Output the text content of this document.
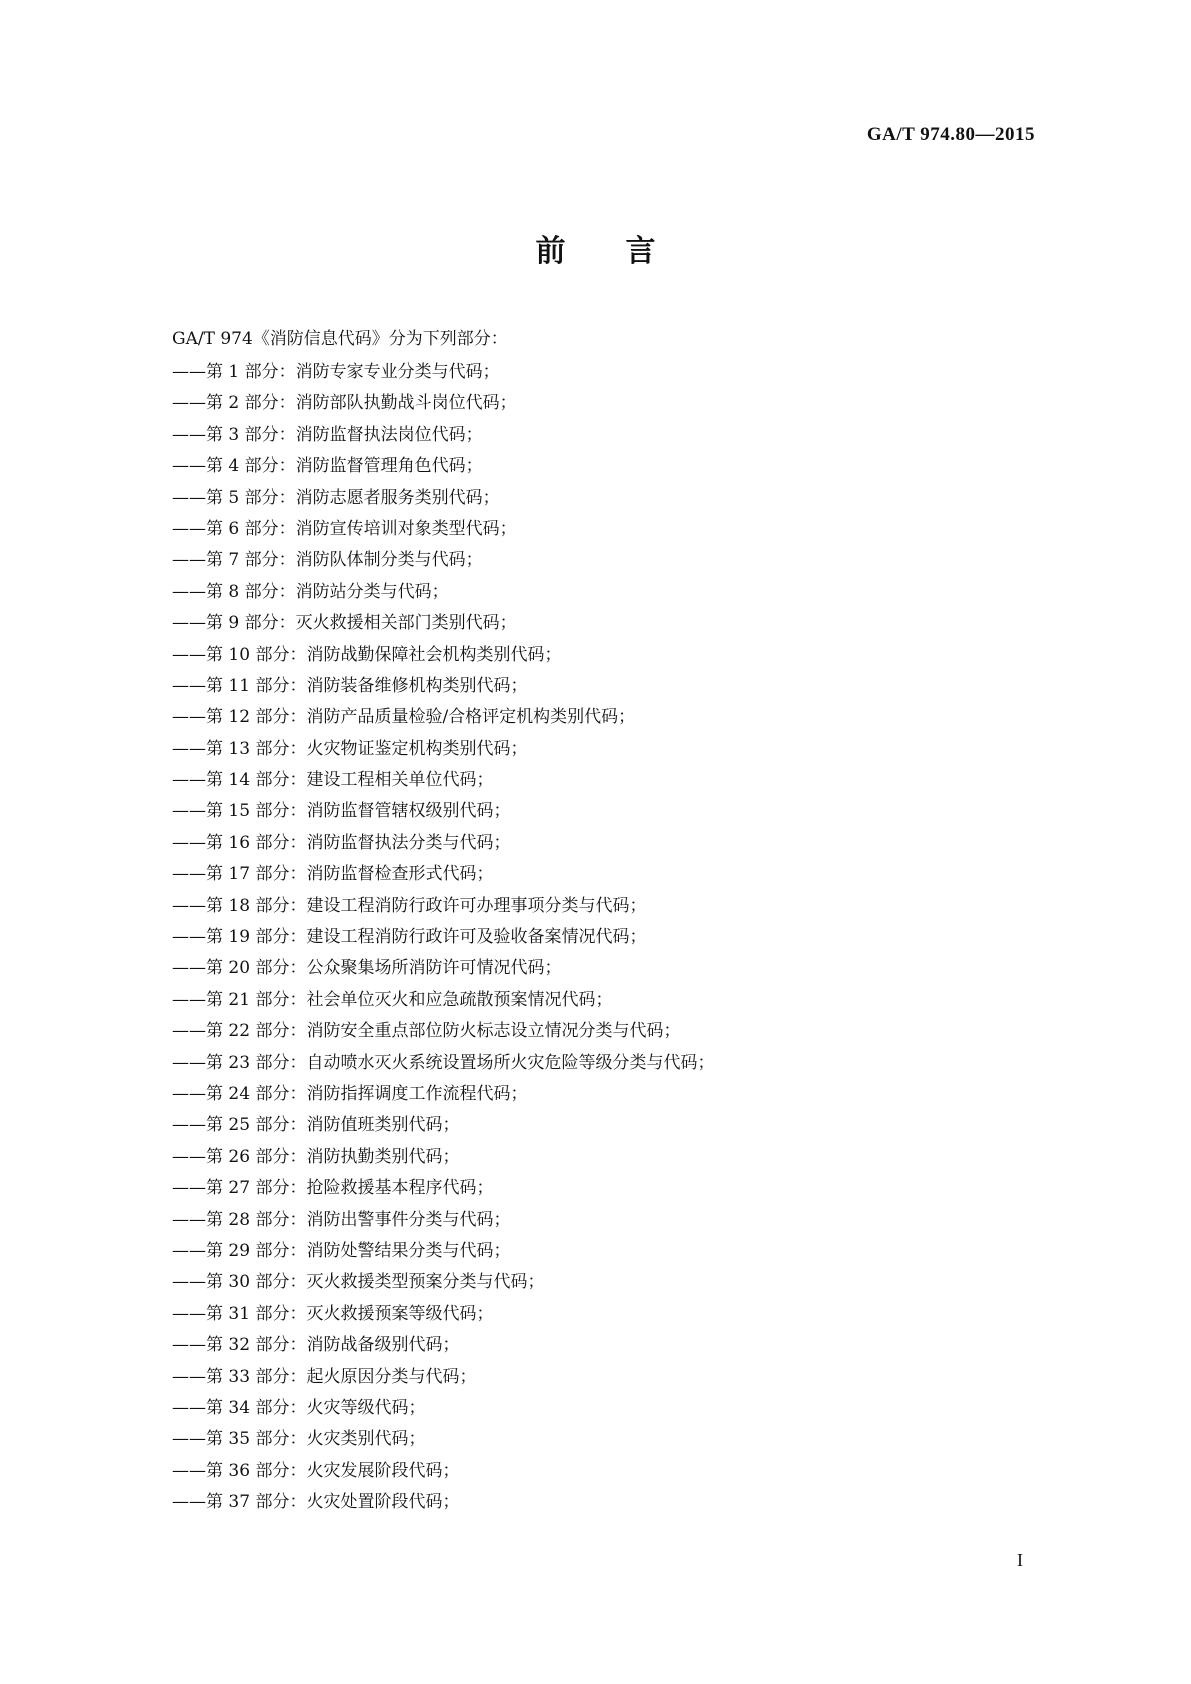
GA/T 974.80—2015
前言
GA/T 974《消防信息代码》分为下列部分：
——第 1 部分：消防专家专业分类与代码；
——第 2 部分：消防部队执勤战斗岗位代码；
——第 3 部分：消防监督执法岗位代码；
——第 4 部分：消防监督管理角色代码；
——第 5 部分：消防志愿者服务类别代码；
——第 6 部分：消防宣传培训对象类型代码；
——第 7 部分：消防队体制分类与代码；
——第 8 部分：消防站分类与代码；
——第 9 部分：灭火救援相关部门类别代码；
——第 10 部分：消防战勤保障社会机构类别代码；
——第 11 部分：消防装备维修机构类别代码；
——第 12 部分：消防产品质量检验/合格评定机构类别代码；
——第 13 部分：火灾物证鉴定机构类别代码；
——第 14 部分：建设工程相关单位代码；
——第 15 部分：消防监督管辖权级别代码；
——第 16 部分：消防监督执法分类与代码；
——第 17 部分：消防监督检查形式代码；
——第 18 部分：建设工程消防行政许可办理事项分类与代码；
——第 19 部分：建设工程消防行政许可及验收备案情况代码；
——第 20 部分：公众聚集场所消防许可情况代码；
——第 21 部分：社会单位灭火和应急疏散预案情况代码；
——第 22 部分：消防安全重点部位防火标志设立情况分类与代码；
——第 23 部分：自动喷水灭火系统设置场所火灾危险等级分类与代码；
——第 24 部分：消防指挥调度工作流程代码；
——第 25 部分：消防值班类别代码；
——第 26 部分：消防执勤类别代码；
——第 27 部分：抢险救援基本程序代码；
——第 28 部分：消防出警事件分类与代码；
——第 29 部分：消防处警结果分类与代码；
——第 30 部分：灭火救援类型预案分类与代码；
——第 31 部分：灭火救援预案等级代码；
——第 32 部分：消防战备级别代码；
——第 33 部分：起火原因分类与代码；
——第 34 部分：火灾等级代码；
——第 35 部分：火灾类别代码；
——第 36 部分：火灾发展阶段代码；
——第 37 部分：火灾处置阶段代码；
I
